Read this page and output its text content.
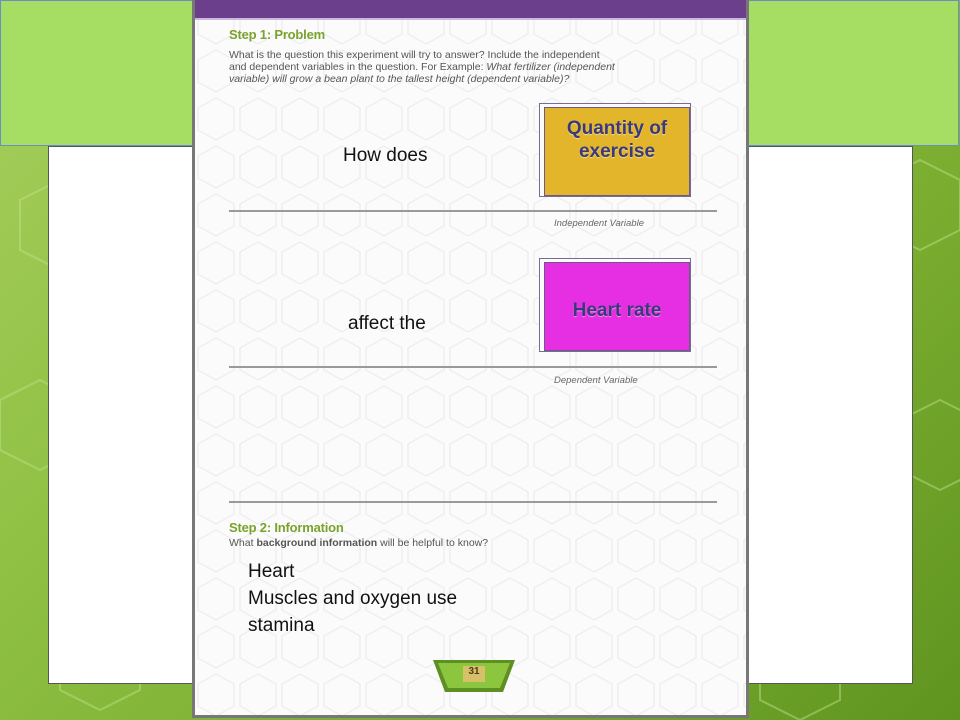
Step 1: Problem
What is the question this experiment will try to answer? Include the independent
and dependent variables in the question. For Example: What fertilizer (independent
variable) will grow a bean plant to the tallest height (dependent variable)?
How does
Quantity of exercise
Independent Variable
affect the
Heart rate
Dependent Variable
Step 2: Information
What background information will be helpful to know?
Heart
Muscles and oxygen use
stamina
31
